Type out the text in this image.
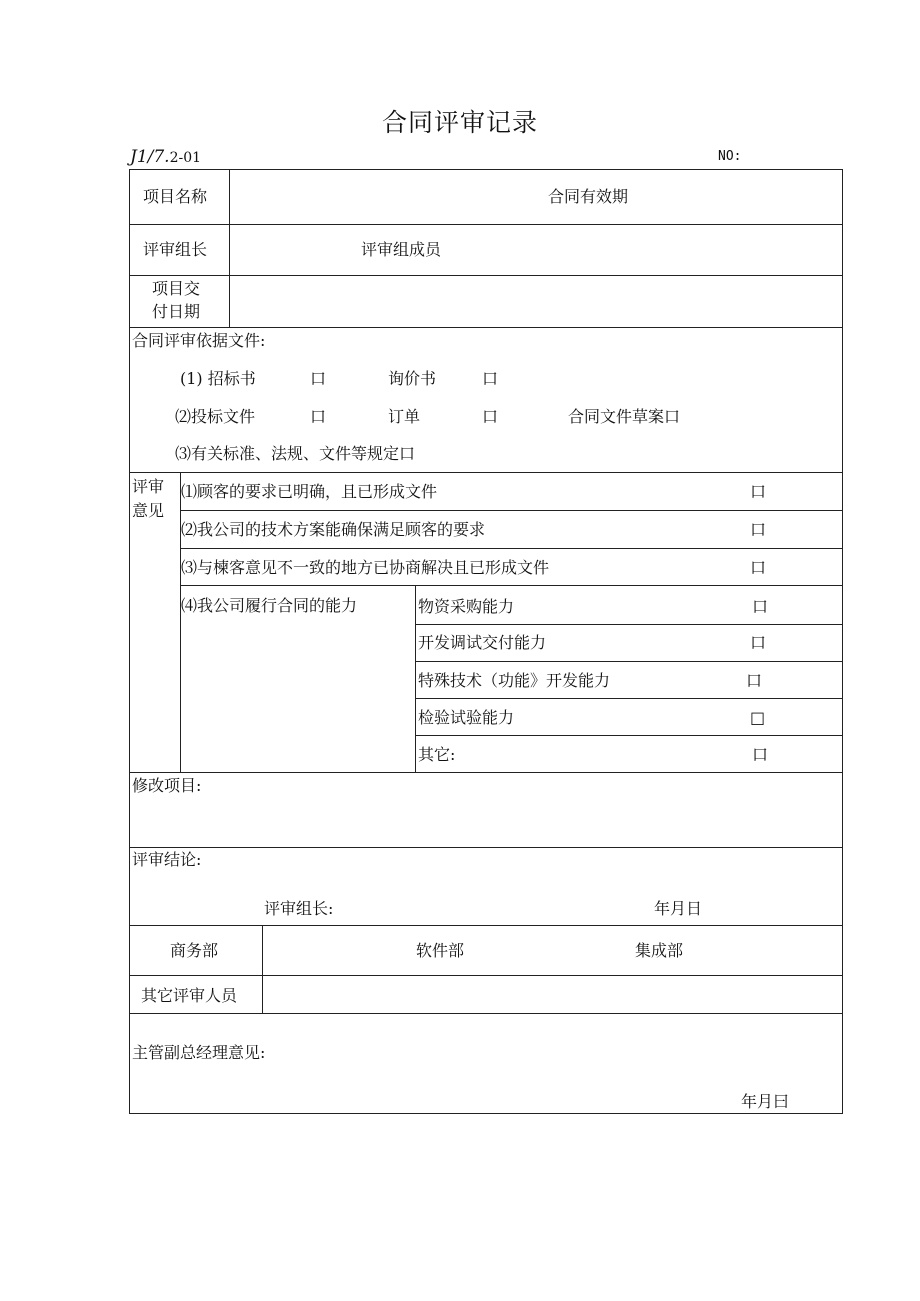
合同评审记录
J1/7.2-01	NO:
项目名称	合同有效期
评审组长	评审组成员
项目交
付日期
合同评审依据文件:
(1) 招标书	口	询价书	口
⑵投标文件	口	订单	口	合同文件草案口
⑶有关标准、法规、文件等规定口
评审
意见
⑴顾客的要求已明确，且已形成文件	口
⑵我公司的技术方案能确保满足顾客的要求	口
⑶与楝客意见不一致的地方已协商解决且已形成文件	口
⑷我公司履行合同的能力	物资采购能力	口
开发调试交付能力	口
特殊技术（功能》开发能力	口
检验试验能力	□
其它:	口
修改项目:
评审结论:
评审组长:	年月日
商务部	软件部	集成部
其它评审人员
主管副总经理意见:
年月曰
